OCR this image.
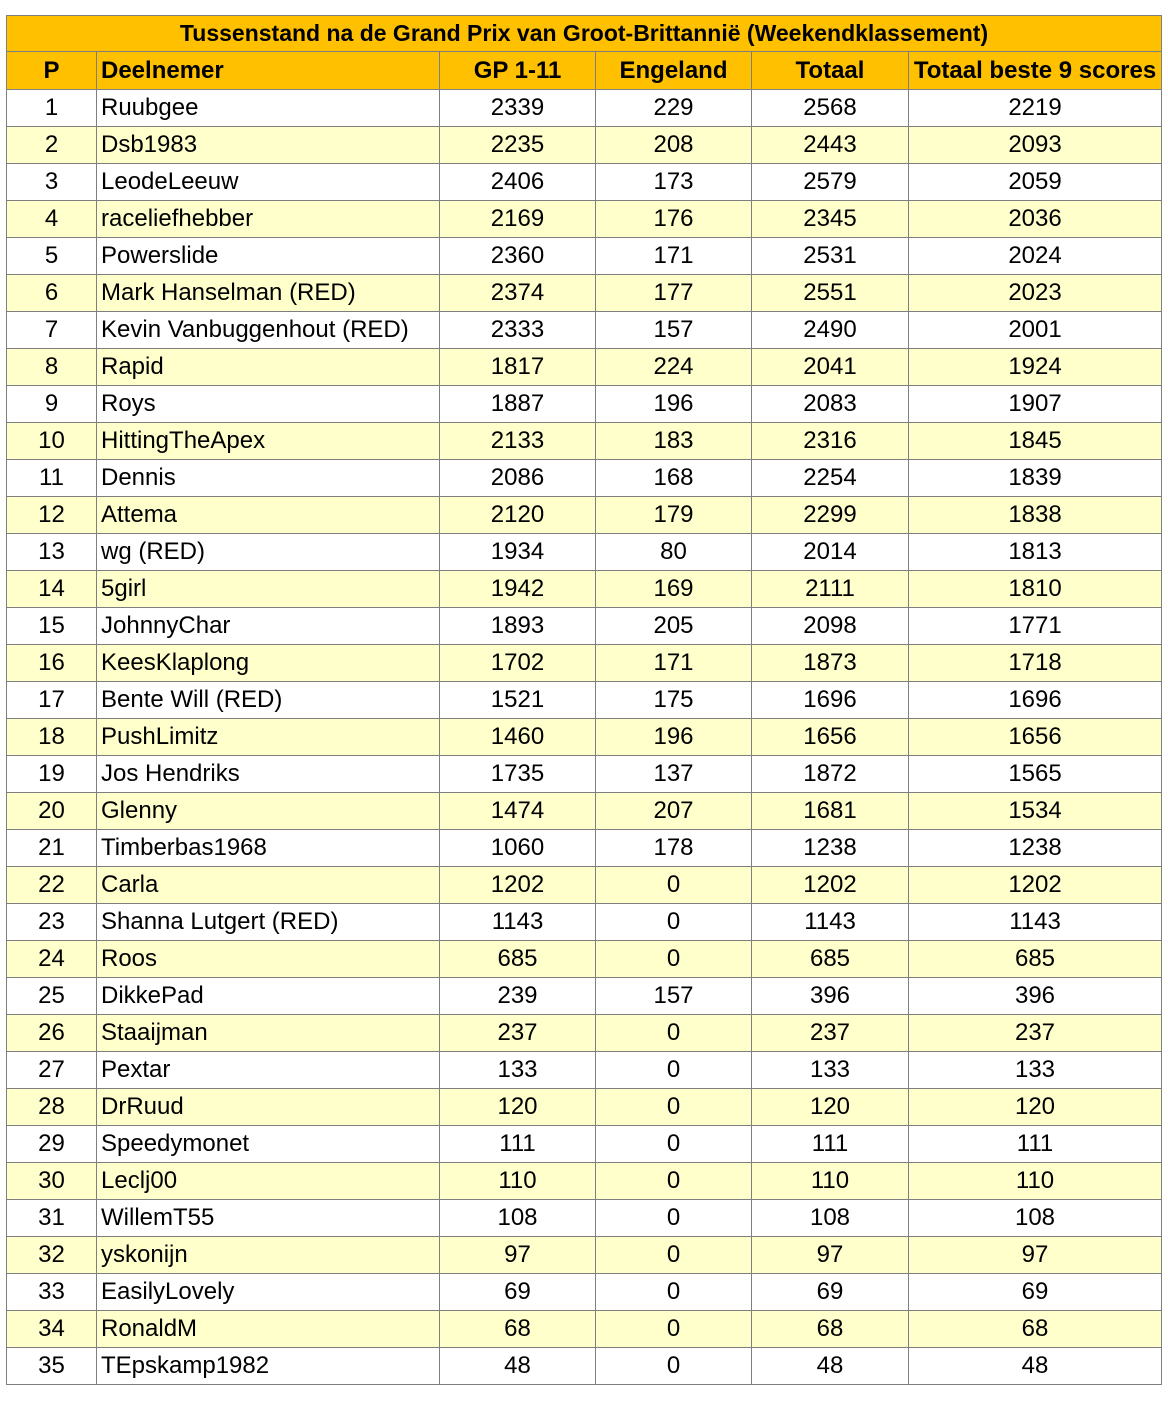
Tussenstand na de Grand Prix van Groot-Brittannië (Weekendklassement)					
P	Deelnemer	GP 1-11	Engeland	Totaal	Totaal beste 9 scores
1	Ruubgee	2339	229	2568	2219
2	Dsb1983	2235	208	2443	2093
3	LeodeLeeuw	2406	173	2579	2059
4	raceliefhebber	2169	176	2345	2036
5	Powerslide	2360	171	2531	2024
6	Mark Hanselman (RED)	2374	177	2551	2023
7	Kevin Vanbuggenhout (RED)	2333	157	2490	2001
8	Rapid	1817	224	2041	1924
9	Roys	1887	196	2083	1907
10	HittingTheApex	2133	183	2316	1845
11	Dennis	2086	168	2254	1839
12	Attema	2120	179	2299	1838
13	wg (RED)	1934	80	2014	1813
14	5girl	1942	169	2111	1810
15	JohnnyChar	1893	205	2098	1771
16	KeesKlaplong	1702	171	1873	1718
17	Bente Will (RED)	1521	175	1696	1696
18	PushLimitz	1460	196	1656	1656
19	Jos Hendriks	1735	137	1872	1565
20	Glenny	1474	207	1681	1534
21	Timberbas1968	1060	178	1238	1238
22	Carla	1202	0	1202	1202
23	Shanna Lutgert (RED)	1143	0	1143	1143
24	Roos	685	0	685	685
25	DikkePad	239	157	396	396
26	Staaijman	237	0	237	237
27	Pextar	133	0	133	133
28	DrRuud	120	0	120	120
29	Speedymonet	111	0	111	111
30	Leclj00	110	0	110	110
31	WillemT55	108	0	108	108
32	yskonijn	97	0	97	97
33	EasilyLovely	69	0	69	69
34	RonaldM	68	0	68	68
35	TEpskamp1982	48	0	48	48
